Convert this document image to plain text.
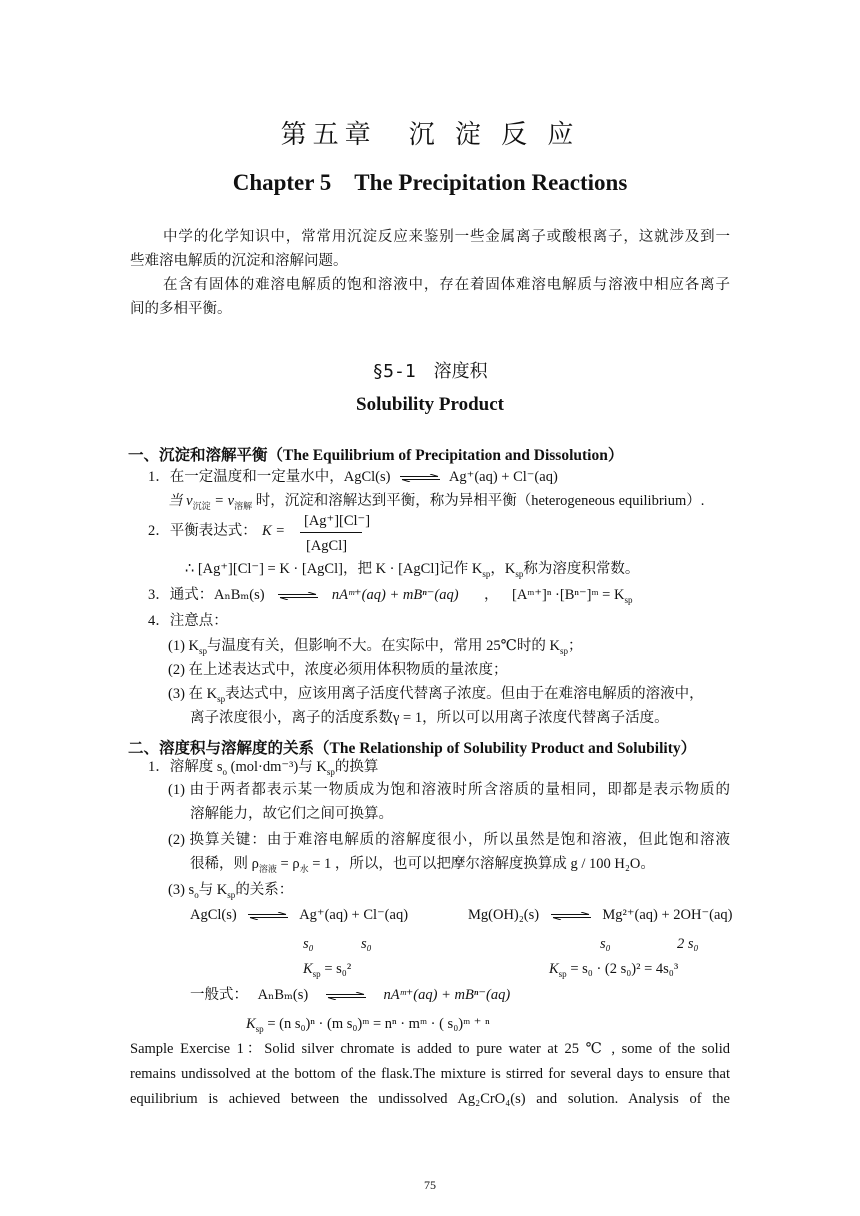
第五章　沉 淀 反 应
Chapter 5　The Precipitation Reactions
中学的化学知识中，常常用沉淀反应来鉴别一些金属离子或酸根离子，这就涉及到一
些难溶电解质的沉淀和溶解问题。
在含有固体的难溶电解质的饱和溶液中，存在着固体难溶电解质与溶液中相应各离子
间的多相平衡。
§5-1　溶度积
Solubility Product
一、沉淀和溶解平衡（The Equilibrium of Precipitation and Dissolution）
1．在一定温度和一定量水中，AgCl(s)	Ag⁺(aq) + Cl⁻(aq)
当 $v_{沉淀} = v_{溶解}$ 时，沉淀和溶解达到平衡，称为异相平衡（heterogeneous equilibrium）.
2．平衡表达式： K =
[Ag⁺][Cl⁻]
[AgCl]
∴ [Ag⁺][Cl⁻] = K · [AgCl]，把 K · [AgCl]记作 $K_{sp}$，$K_{sp}$称为溶度积常数。
3．通式： AₙBₘ(s)	nAᵐ⁺(aq) + mBⁿ⁻(aq) ， [Aᵐ⁺]ⁿ ·[Bⁿ⁻]ᵐ = $K_{sp}$
4．注意点：
(1) $K_{sp}$与温度有关，但影响不大。在实际中，常用 25℃时的 $K_{sp}$；
(2) 在上述表达式中，浓度必须用体积物质的量浓度；
(3) 在 $K_{sp}$表达式中，应该用离子活度代替离子浓度。但由于在难溶电解质的溶液中，
离子浓度很小，离子的活度系数γ = 1，所以可以用离子浓度代替离子活度。
二、溶度积与溶解度的关系（The Relationship of Solubility Product and Solubility）
1．溶解度 $s_o$ (mol·dm⁻³)与 $K_{sp}$的换算
(1) 由于两者都表示某一物质成为饱和溶液时所含溶质的量相同，即都是表示物质的
溶解能力，故它们之间可换算。
(2) 换算关键：由于难溶电解质的溶解度很小，所以虽然是饱和溶液，但此饱和溶液
很稀，则 $\rho_{溶液} = \rho_水 = 1$ ，所以，也可以把摩尔溶解度换算成 g / 100 H₂O。
(3) $s_o$与 $K_{sp}$的关系：
AgCl(s)	Ag⁺(aq) + Cl⁻(aq)	Mg(OH)₂(s)	Mg²⁺(aq) + 2OH⁻(aq)
s₀	s₀	s₀	2 s₀
$K_{sp} = s_0^2$	$K_{sp} = s_0 \cdot (2$ s₀)² = 4s₀³
一般式： AₙBₘ(s)	nAᵐ⁺(aq) + mBⁿ⁻(aq)
$K_{sp} = (n$ s₀)ⁿ · (m s₀)ᵐ = nⁿ · mᵐ · ( s₀)ᵐ ⁺ ⁿ
Sample Exercise 1：Solid silver chromate is added to pure water at 25 ℃ , some of the solid
remains undissolved at the bottom of the flask.The mixture is stirred for several days to ensure that
equilibrium is achieved between the undissolved Ag₂CrO₄(s) and solution. Analysis of the
75
